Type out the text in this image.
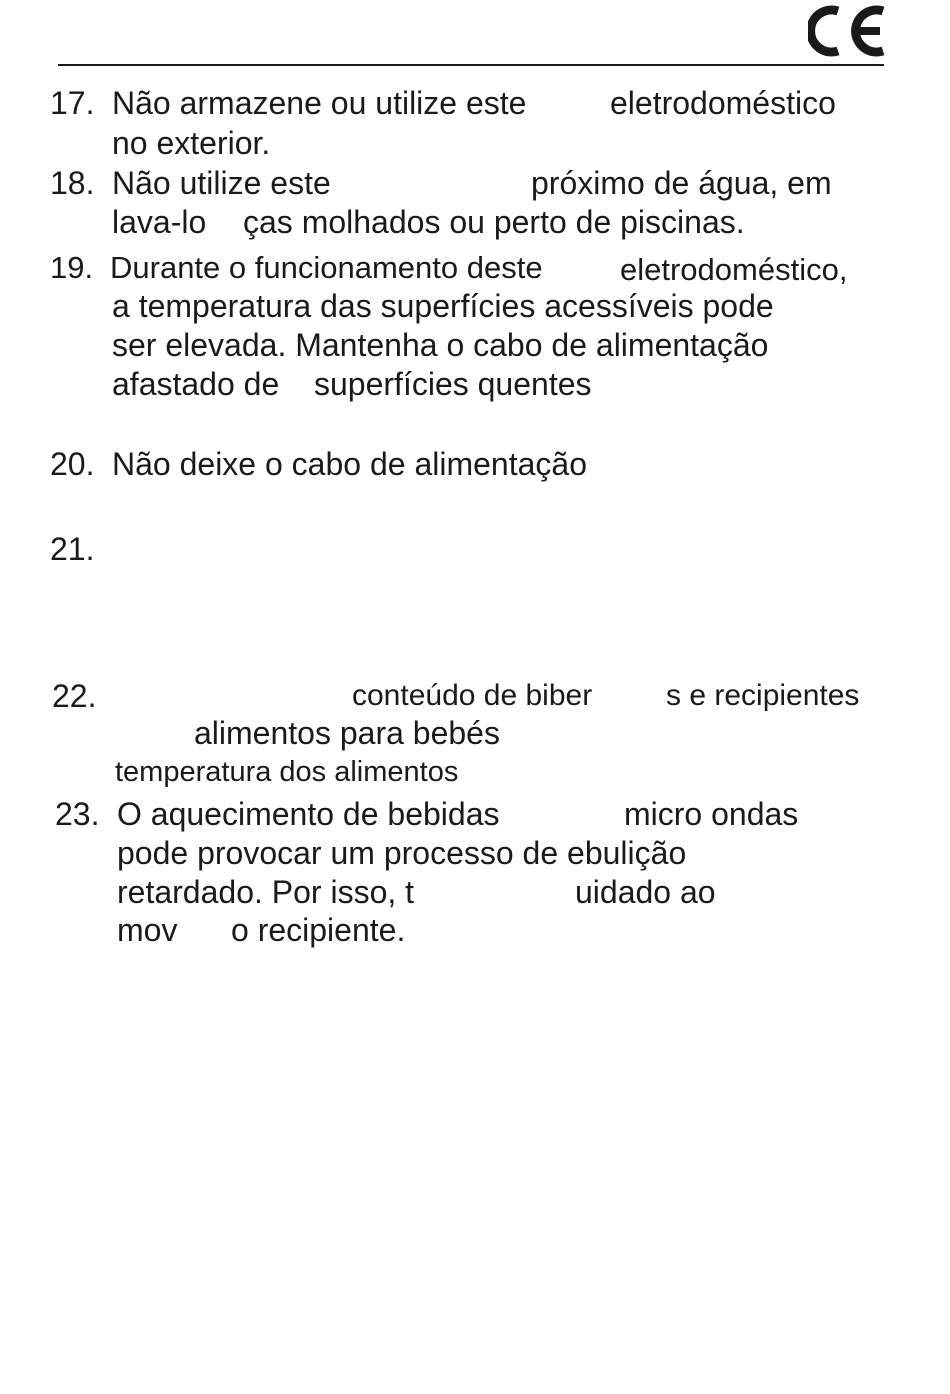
17. Não armazene ou utilize este	eletrodoméstico
no exterior.
18. Não utilize este	próximo de água, em
lava-lo ças molhados ou perto de piscinas.
19. Durante o funcionamento deste eletrodoméstico,
a temperatura das superfícies acessíveis pode
ser elevada. Mantenha o cabo de alimentação
afastado de superfícies quentes
20. Não deixe o cabo de alimentação
21.
22.	conteúdo de biber s e recipientes
alimentos para bebés
temperatura dos alimentos
23. O aquecimento de bebidas	micro ondas
pode provocar um processo de ebulição
retardado. Por isso, t	uidado ao
mov o recipiente.
